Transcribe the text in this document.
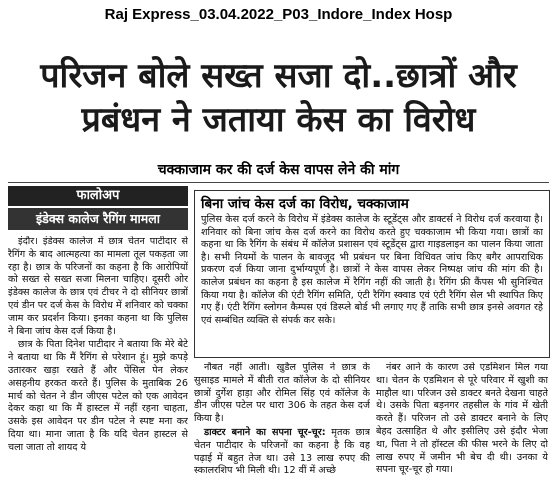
Raj Express_03.04.2022_P03_Indore_Index Hosp
परिजन बोले सख्त सजा दो..छात्रों और
प्रबंधन ने जताया केस का विरोध
चक्काजाम कर की दर्ज केस वापस लेने की मांग
फालोअप
इंडेक्स कालेज रैगिंग मामला

इंदौर। इंडेक्स कालेज में छात्र चेतन पाटीदार से रैगिंग के बाद आत्महत्या का मामला तूल पकड़ता जा रहा है। छात्र के परिजनों का कहना है कि आरोपियों को सख्त से सख्त सजा मिलना चाहिए। दूसरी ओर इंडेक्स कालेज के छात्र एवं टीचर ने दो सीनियर छात्रों एवं डीन पर दर्ज केस के विरोध में शनिवार को चक्का जाम कर प्रदर्शन किया। इनका कहना था कि पुलिस ने बिना जांच केस दर्ज किया है।

छात्र के पिता दिनेश पाटीदार ने बताया कि मेरे बेटे ने बताया था कि मैं रैगिंग से परेशान हूं। मुझे कपड़े उतारकर खड़ा रखते हैं और पेंसिल पेन लेकर असहनीय हरकत करते हैं। पुलिस के मुताबिक 26 मार्च को चेतन ने डीन जीएस पटेल को एक आवेदन देकर कहा था कि मैं हास्टल में नहीं रहना चाहता, उसके इस आवेदन पर डीन पटेल ने स्पष्ट मना कर दिया था। माना जाता है कि यदि चेतन हास्टल से चला जाता तो शायद ये

बिना जांच केस दर्ज का विरोध, चक्काजाम
पुलिस केस दर्ज करने के विरोध में इंडेक्स कालेज के स्टूडेंट्स और डाक्टर्स ने विरोध दर्ज करवाया है। शनिवार को बिना जांच केस दर्ज करने का विरोध करते हुए चक्काजाम भी किया गया। छात्रों का कहना था कि रैगिंग के संबंध में कॉलेज प्रशासन एवं स्टूडेंट्स द्वारा गाइडलाइन का पालन किया जाता है। सभी नियमों के पालन के बावजूद भी प्रबंधन पर बिना विधिवत जांच किए बगैर आपराधिक प्रकरण दर्ज किया जाना दुर्भाग्यपूर्ण है। छात्रों ने केस वापस लेकर निष्पक्ष जांच की मांग की है। कालेज प्रबंधन का कहना है इस कालेज में रैगिंग नहीं की जाती है। रैगिंग फ्री कैंपस भी सुनिश्चित किया गया है। कॉलेज की एंटी रैगिंग समिति, एंटी रैगिंग स्क्वाड एवं एंटी रैगिंग सेल भी स्थापित किए गए हैं। एंटी रैगिंग स्लोगन कैम्पस एवं डिस्प्ले बोर्ड भी लगाए गए हैं ताकि सभी छात्र इनसे अवगत रहे एवं सम्बंधित व्यक्ति से संपर्क कर सके।

नौबत नहीं आती। खुडैल पुलिस ने छात्र के सुसाइड मामले में बीती रात कॉलेज के दो सीनियर छात्रों दुर्गेश हाड़ा और रोमिल सिंह एवं कॉलेज के डीन जीएस पटेल पर धारा 306 के तहत केस दर्ज किया है।

डाक्टर बनाने का सपना चूर-चूर: मृतक छात्र चेतन पाटीदार के परिजनों का कहना है कि वह पढ़ाई में बहुत तेज था। उसे 13 लाख रुपए की स्कालरशिप भी मिली थी। 12 वीं में अच्छे

नंबर आने के कारण उसे एडमिशन मिल गया था। चेतन के एडमिशन से पूरे परिवार में खुशी का माहौल था। परिजन उसे डाक्टर बनते देखना चाहते थे। उसके पिता बड़नगर तहसील के गांव में खेती करते हैं। परिजन तो उसे डाक्टर बनाने के लिए बेहद उत्साहित थे और इसीलिए उसे इंदौर भेजा था, पिता ने तो हॉस्टल की फीस भरने के लिए दो लाख रुपए में जमीन भी बेच दी थी। उनका ये सपना चूर-चूर हो गया।
